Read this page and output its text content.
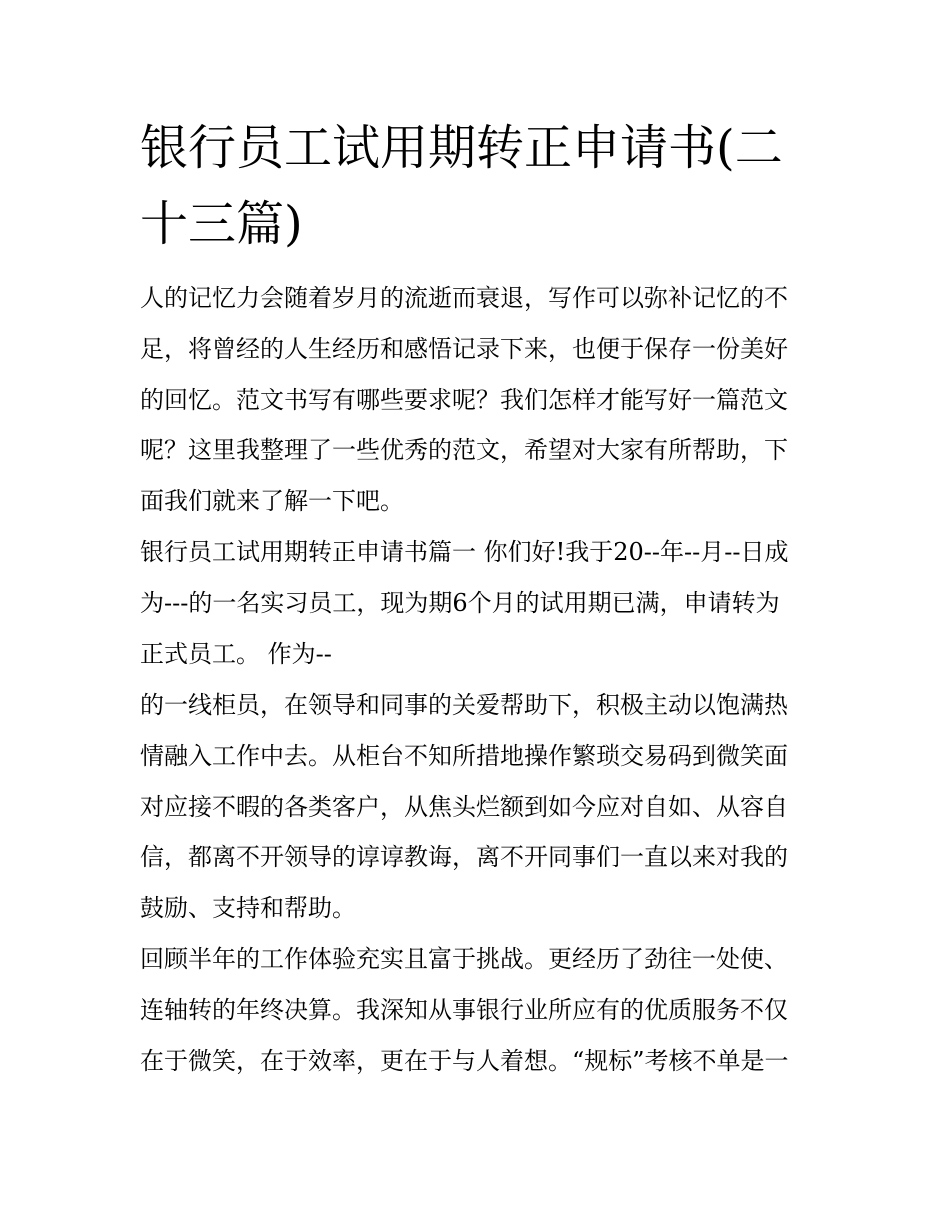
银行员工试用期转正申请书(二十三篇)
人的记忆力会随着岁月的流逝而衰退，写作可以弥补记忆的不
足，将曾经的人生经历和感悟记录下来，也便于保存一份美好
的回忆。范文书写有哪些要求呢？我们怎样才能写好一篇范文
呢？这里我整理了一些优秀的范文，希望对大家有所帮助，下
面我们就来了解一下吧。
银行员工试用期转正申请书篇一 你们好!我于20--年--月--日成
为---的一名实习员工，现为期6个月的试用期已满，申请转为
正式员工。 作为--
的一线柜员，在领导和同事的关爱帮助下，积极主动以饱满热
情融入工作中去。从柜台不知所措地操作繁琐交易码到微笑面
对应接不暇的各类客户，从焦头烂额到如今应对自如、从容自
信，都离不开领导的谆谆教诲，离不开同事们一直以来对我的
鼓励、支持和帮助。
回顾半年的工作体验充实且富于挑战。更经历了劲往一处使、
连轴转的年终决算。我深知从事银行业所应有的优质服务不仅
在于微笑，在于效率，更在于与人着想。“规标”考核不单是一
